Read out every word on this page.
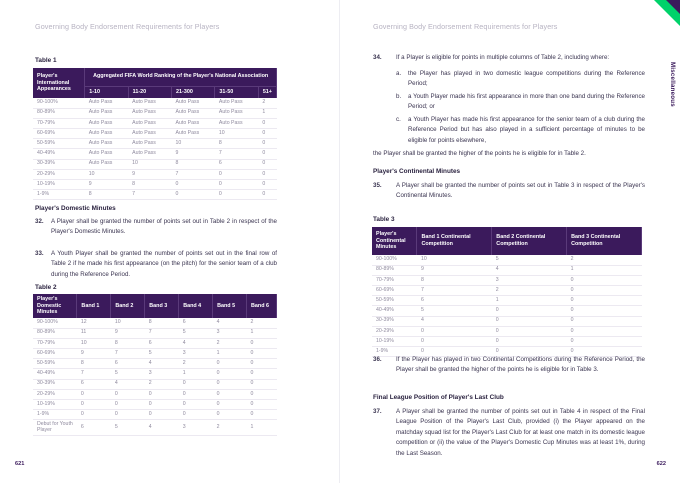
Governing Body Endorsement Requirements for Players
Table 1
Player's International Appearances	Aggregated FIFA World Ranking of the Player's National Association				
	1-10	11-20	21-300	31-50	51+
90-100%	Auto Pass	Auto Pass	Auto Pass	Auto Pass	2
80-89%	Auto Pass	Auto Pass	Auto Pass	Auto Pass	1
70-79%	Auto Pass	Auto Pass	Auto Pass	Auto Pass	0
60-69%	Auto Pass	Auto Pass	Auto Pass	10	0
50-59%	Auto Pass	Auto Pass	10	8	0
40-49%	Auto Pass	Auto Pass	9	7	0
30-39%	Auto Pass	10	8	6	0
20-29%	10	9	7	0	0
10-19%	9	8	0	0	0
1-9%	8	7	0	0	0
Player's Domestic Minutes
32.	A Player shall be granted the number of points set out in Table 2 in respect of the Player's Domestic Minutes.
33.	A Youth Player shall be granted the number of points set out in the final row of Table 2 if he made his first appearance (on the pitch) for the senior team of a club during the Reference Period.
Table 2
Player's Domestic Minutes	Band 1	Band 2	Band 3	Band 4	Band 5	Band 6
90-100%	12	10	8	6	4	2
80-89%	11	9	7	5	3	1
70-79%	10	8	6	4	2	0
60-69%	9	7	5	3	1	0
50-59%	8	6	4	2	0	0
40-49%	7	5	3	1	0	0
30-39%	6	4	2	0	0	0
20-29%	0	0	0	0	0	0
10-19%	0	0	0	0	0	0
1-9%	0	0	0	0	0	0
Debut for Youth Player	6	5	4	3	2	1
621
Governing Body Endorsement Requirements for Players
Miscellaneous
34.	If a Player is eligible for points in multiple columns of Table 2, including where:
a.	the Player has played in two domestic league competitions during the Reference Period;
b.	a Youth Player made his first appearance in more than one band during the Reference Period; or
c.	a Youth Player has made his first appearance for the senior team of a club during the Reference Period but has also played in a sufficient percentage of minutes to be eligible for points elsewhere,
the Player shall be granted the higher of the points he is eligible for in Table 2.
Player's Continental Minutes
35.	A Player shall be granted the number of points set out in Table 3 in respect of the Player's Continental Minutes.
Table 3
Player's Continental Minutes	Band 1 Continental Competition	Band 2 Continental Competition	Band 3 Continental Competition
90-100%	10	5	2
80-89%	9	4	1
70-79%	8	3	0
60-69%	7	2	0
50-59%	6	1	0
40-49%	5	0	0
30-39%	4	0	0
20-29%	0	0	0
10-19%	0	0	0
1-9%	0	0	0
36.	If the Player has played in two Continental Competitions during the Reference Period, the Player shall be granted the higher of the points he is eligible for in Table 3.
Final League Position of Player's Last Club
37.	A Player shall be granted the number of points set out in Table 4 in respect of the Final League Position of the Player's Last Club, provided (i) the Player appeared on the matchday squad list for the Player's Last Club for at least one match in its domestic league competition or (ii) the value of the Player's Domestic Cup Minutes was at least 1%, during the Last Season.
622
